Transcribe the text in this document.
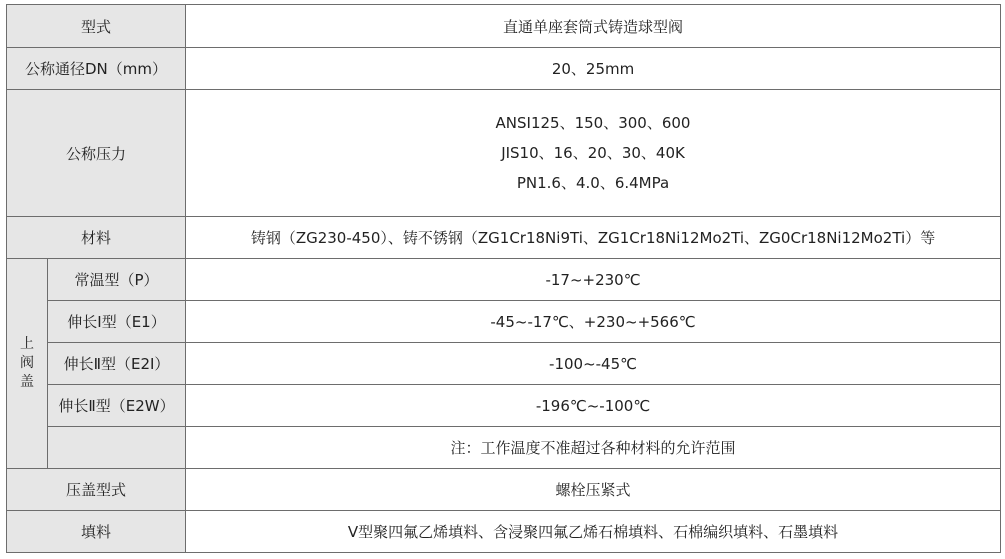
型式		直通单座套筒式铸造球型阀
公称通径DN（mm）		20、25mm
公称压力		ANSI125、150、300、600
JIS10、16、20、30、40K
PN1.6、4.0、6.4MPa

材料		铸钢（ZG230-450）、铸不锈钢（ZG1Cr18Ni9Ti、ZG1Cr18Ni12Mo2Ti、ZG0Cr18Ni12Mo2Ti）等

上
阀
盖	常温型（P）	-17~+230℃
	伸长Ⅰ型（E1）	-45~-17℃、+230~+566℃
	伸长Ⅱ型（E2Ⅰ）	-100~-45℃
	伸长Ⅱ型（E2W）	-196℃~-100℃
		注：工作温度不准超过各种材料的允许范围
压盖型式		螺栓压紧式
填料		V型聚四氟乙烯填料、含浸聚四氟乙烯石棉填料、石棉编织填料、石墨填料
